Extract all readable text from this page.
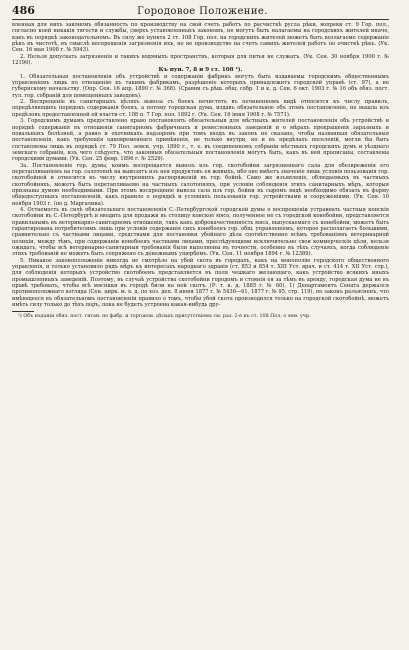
486	Городовое Положение.

вленная для нихъ закономъ обязанность по производству на свой счетъ работъ по расчисткѣ русла рѣки, вопреки ст. 9 Гор. пол., согласно коей никакія тягости и службы, сверхъ установленныхъ закономъ, не могутъ быть налагаемы на городскихъ жителей иначе, какъ въ порядкѣ законодательномъ. Въ силу же пункта 2 ст. 108 Гор. пол. на городскихъ жителей можетъ быть возлагаемо содержаніе рѣкъ въ чистотѣ, въ смыслѣ воспрещенія загрязненія ихъ, но не производство на счетъ самихъ жителей работъ по очисткѣ рѣкъ. (Ук. Сен. 16 мая 1908 г. № 5943).

2. Нельзя допускать загрязненія и такихъ водяныхъ пространствъ, которыя для питья не служатъ. (Ук. Сен. 30 ноября 1900 г. № 12190).

Къ пун. 7, 8 и 9 ст. 108 ¹).

1. Обязательныя постановленія объ устройствѣ и содержаніи фабрикъ могутъ быть издаваемы городскимъ общественнымъ управленіемъ лишь по отношенію къ такимъ фабрикамъ, разрѣшеніе которыхъ принадлежитъ городской управѣ (ст. 97), а не губернскому начальству. (Опр. Сен. 16 апр. 1890 г. № 368). (Сравни съ рѣш. общ. собр. 1 и к. д. Сен. 6 окт. 1903 г. № 16 объ обяз. пост. тул. гор. собраній для помещенныхъ заводовъ).

2. Воспрещеніе въ санитарныхъ цѣляхъ вывоза съ боенъ нечистотъ въ печиненномъ видѣ относится къ числу правилъ, опредѣляющихъ порядокъ содержанія боенъ, а потому городская дума, издавъ обязательное объ этомъ постановленіе, не вышла изъ предѣловъ предоставленной ей власти ст. 108 п. 7 Гор. пол. 1892 г. (Ук. Сен. 16 іюня 1908 г. № 7571).

3. Городскимъ думамъ предоставлено право постановлять обязательныя для мѣстныхъ жителей постановленія объ устройствѣ и порядкѣ содержанія въ отношеніи санитарномъ фабричныхъ и ремесленныхъ заведеній и о мѣрахъ прекращенія заразныхъ и повальныхъ болѣзней, а равно и охотникахъ надзоромъ при томъ входъ въ законъ не сказано, чтобы названныя обязательныя постановленія, какъ требующія одновременнаго примѣненія, не только внутри, но и въ предѣлахъ поселеній, могли бы быть составляемы лишь въ порядкѣ ст. 79 Пол. земск. учр. 1890 г., т. е. въ соединенномъ собраніи мѣстныхъ городскихъ думъ и уѣзднаго земскаго собранія, изъ чего слѣдуетъ, что законныя обязательныя постановленія могутъ быть, какъ въ ней прописаны, составлены городскими думами. (Ук. Сен. 25 февр. 1896 г. № 2529).

3а. Постановленіе гор. думы, коимъ воспрещается вывозъ изъ гор. скотобойни загрязненнаго сала для обезвреженія его перетапливаніемъ на гор. салотопнѣ на вывозятъ изъ нея продуктовъ ея живыхъ, ибо оно имѣетъ значеніе лишь условія пользованія гор. скотобойней и относится къ числу внутреннихъ распоряженій въ гор. бойнѣ. Само же изъявленіе, облюдаемыхъ въ частныхъ скотобойняхъ, можетъ быть перетапливаемо на частныхъ салотопняхъ, при условіи соблюденія этихъ санитарныхъ мѣръ, которыя признаны думою необходимыми. При этомъ воспрещеніе вывоза сала изъ гор. бойни въ сыромъ видѣ необходимо обязать въ форму общедоступныхъ постановленій, какъ правило о порядкѣ и условіяхъ пользованія гор. устройствами и сооруженіями. (Ук. Сен. 10 ноября 1903 г. (по д. Маргалина).

4. Остаемость въ силѣ обязательнаго постановленія С.-Петербургской городской думы о воспрещеніи устраивать частныя конскія скотобойни въ С.-Петербургѣ и вводить для продажи въ столицу конское мясо, полученное не съ городской конебойни, представляется правильнымъ въ ветеринарно-санитарномъ отношеніи, такъ какъ доброкачественность мяса, выпускаемаго съ конебойни, можетъ быть гарантирована потребителямъ лишь при условіи содержанія сихъ конебоенъ гор. общ. управленіемъ, которое располагаетъ большими, сравнительно съ частными лицами, средствами для постановки убойнаго дѣла соотвѣтственно всѣмъ требованіямъ ветеринарной полиціи, между тѣмъ, при содержаніи конебоенъ частными лицами, преслѣдующими исключительно свои коммерческія цѣли, нельзя ожидать, чтобы всѣ ветеринарно-санитарныя требованія были выполнены въ точности, особенно въ тѣхъ случаяхъ, когда соблюденіе этихъ требованій не можетъ быть сопряжено съ денежнымъ ущербомъ. (Ук. Сен. 11 ноября 1894 г. № 12389).

5. Никакое законоположеніе никогда не смотрѣло на убой скота въ городахъ, какъ на монополію городского общественного управленія, и только установило рядъ мѣръ къ интересахъ народнаго здравія (ст. 853 и 854 т. XIII Уст. врач. и ст. 414 т. XII Уст. стр.), для соблюденія которыхъ устройство скотобоенъ представляется въ поля чешкаго желающаго, какъ устройство всякихъ иныхъ промышленныхъ заведеній. Поэтому, въ случаѣ устройства скотобойни городомъ и стоянія ея за тѣмъ въ аренду, городская дума не въ правѣ требовать, чтобы всѣ мясники въ городѣ били на ней скотъ. (Р. т. к. д. 1885 г. № 60). 1) Департаментъ Сената держался противоположнаго взгляда (Сен. цирк. м. в. д. по хоз. деп. 8 июня 1877 г. № 5436—61, 1877 г. № 95, стр. 119), по законъ разъясненъ, что имѣющееся въ обязательномъ постановленіи правило о томъ, чтобы убой скота производился только на городской скотобойнѣ, можетъ имѣть силу только до тѣхъ поръ, пока не будетъ устроена какая-нибудь дру-

¹) Объ изданіи обяз. пост. гиган. по фабр. и торговли. дѣлахъ присутствіемъ см. раз. 2-е къ ст. 108 Пол. о зем. учр.
